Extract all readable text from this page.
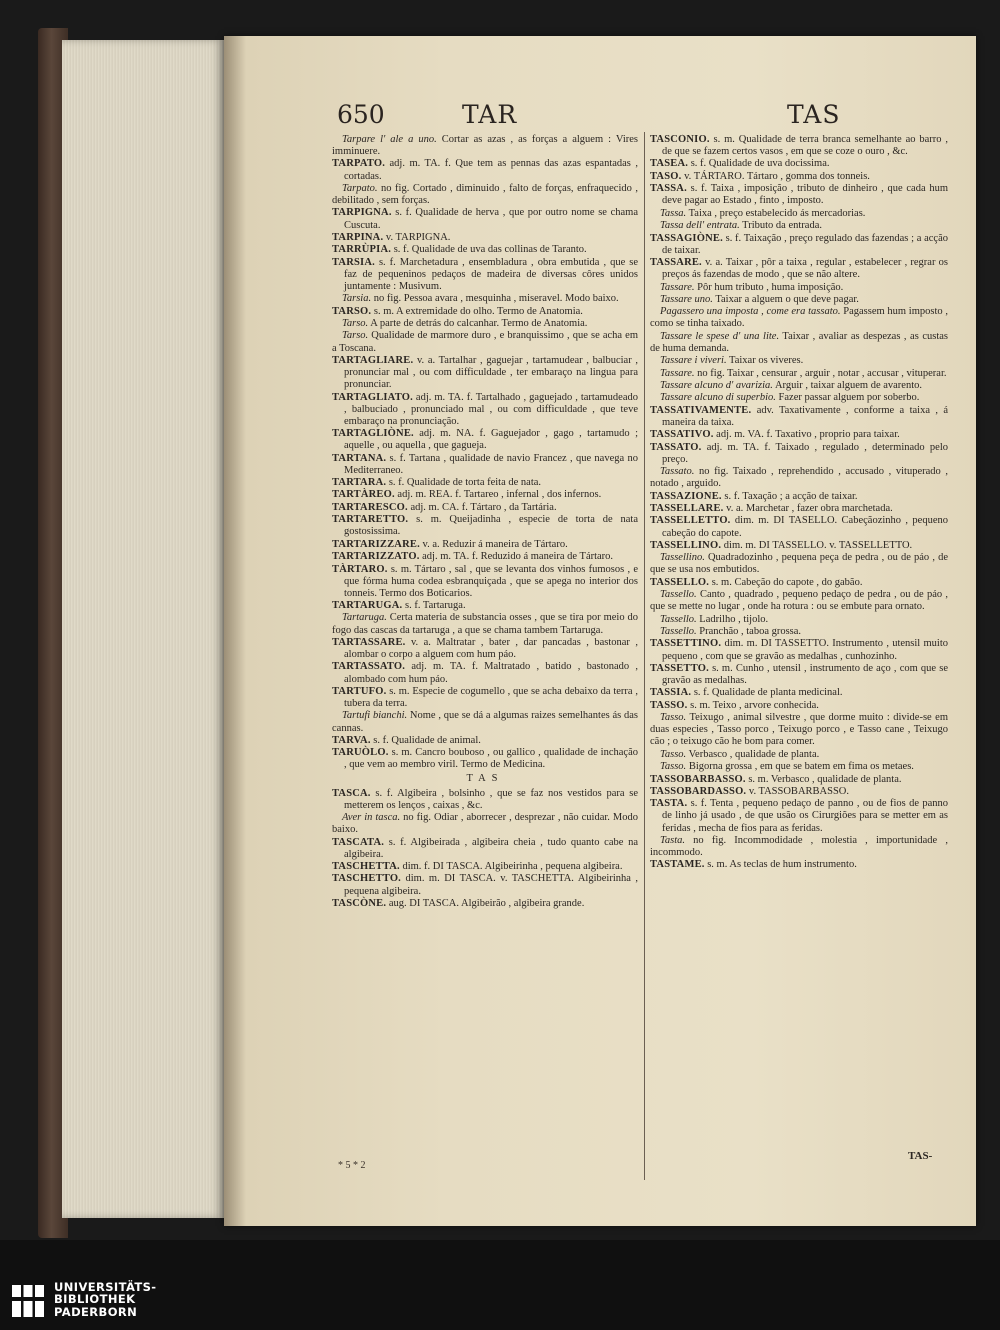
650	TAR	TAS
Tarpare l' ale a uno. Cortar as azas , as forças a alguem : Vires imminuere.
TARPATO. adj. m. TA. f. Que tem as pennas das azas espantadas , cortadas.
Tarpato. no fig. Cortado , diminuido , falto de forças, enfraquecido , debilitado , sem forças.
TARPIGNA. s. f. Qualidade de herva , que por outro nome se chama Cuscuta.
TARPINA. v. TARPIGNA.
TARRÙPIA. s. f. Qualidade de uva das collinas de Taranto.
TARSIA. s. f. Marchetadura , ensembladura , obra embutida , que se faz de pequeninos pedaços de madeira de diversas côres unidos juntamente : Musivum.
Tarsia. no fig. Pessoa avara , mesquinha , miseravel. Modo baixo.
TARSO. s. m. A extremidade do olho. Termo de Anatomia.
Tarso. A parte de detrás do calcanhar. Termo de Anatomia.
Tarso. Qualidade de marmore duro , e branquissimo , que se acha em a Toscana.
TARTAGLIARE. v. a. Tartalhar , gaguejar , tartamudear , balbuciar , pronunciar mal , ou com difficuldade , ter embaraço na lingua para pronunciar.
TARTAGLIATO. adj. m. TA. f. Tartalhado , gaguejado , tartamudeado , balbuciado , pronunciado mal , ou com difficuldade , que teve embaraço na pronunciação.
TARTAGLIÒNE. adj. m. NA. f. Gaguejador , gago , tartamudo ; aquelle , ou aquella , que gagueja.
TARTANA. s. f. Tartana , qualidade de navio Francez , que navega no Mediterraneo.
TARTARA. s. f. Qualidade de torta feita de nata.
TARTÀREO. adj. m. REA. f. Tartareo , infernal , dos infernos.
TARTARESCO. adj. m. CA. f. Tártaro , da Tartária.
TARTARETTO. s. m. Queijadinha , especie de torta de nata gostosissima.
TARTARIZZARE. v. a. Reduzir á maneira de Tártaro.
TARTARIZZATO. adj. m. TA. f. Reduzido á maneira de Tártaro.
TÀRTARO. s. m. Tártaro , sal , que se levanta dos vinhos fumosos , e que fórma huma codea esbranquiçada , que se apega no interior dos tonneis. Termo dos Boticarios.
TARTARUGA. s. f. Tartaruga.
Tartaruga. Certa materia de substancia osses , que se tira por meio do fogo das cascas da tartaruga , a que se chama tambem Tartaruga.
TARTASSARE. v. a. Maltratar , bater , dar pancadas , bastonar , alombar o corpo a alguem com hum páo.
TARTASSATO. adj. m. TA. f. Maltratado , batido , bastonado , alombado com hum páo.
TARTUFO. s. m. Especie de cogumello , que se acha debaixo da terra , tubera da terra.
Tartufi bianchi. Nome , que se dá a algumas raizes semelhantes ás das cannas.
TARVA. s. f. Qualidade de animal.
TARUÒLO. s. m. Cancro bouboso , ou gallico , qualidade de inchação , que vem ao membro viril. Termo de Medicina.
TAS
TASCA. s. f. Algibeira , bolsinho , que se faz nos vestidos para se metterem os lenços , caixas , &c.
Aver in tasca. no fig. Odiar , aborrecer , desprezar , não cuidar. Modo baixo.
TASCATA. s. f. Algibeirada , algibeira cheia , tudo quanto cabe na algibeira.
TASCHETTA. dim. f. DI TASCA. Algibeirinha , pequena algibeira.
TASCHETTO. dim. m. DI TASCA. v. TASCHETTA. Algibeirinha , pequena algibeira.
TASCÒNE. aug. DI TASCA. Algibeirão , algibeira grande.
TASCÒNIO. s. m. Qualidade de terra branca semelhante ao barro , de que se fazem certos vasos , em que se coze o ouro , &c.
TASEA. s. f. Qualidade de uva docissima.
TASO. v. TÁRTARO. Tártaro , gomma dos tonneis.
TASSA. s. f. Taixa , imposição , tributo de dinheiro , que cada hum deve pagar ao Estado , finto , imposto.
Tassa. Taixa , preço estabelecido ás mercadorias.
Tassa dell' entrata. Tributo da entrada.
TASSAGIÒNE. s. f. Taixação , preço regulado das fazendas ; a acção de taixar.
TASSARE. v. a. Taixar , pôr a taixa , regular , estabelecer , regrar os preços ás fazendas de modo , que se não altere.
Tassare. Pôr hum tributo , huma imposição.
Tassare uno. Taixar a alguem o que deve pagar.
Pagassero una imposta , come era tassato. Pagassem hum imposto , como se tinha taixado.
Tassare le spese d' una lite. Taixar , avaliar as despezas , as custas de huma demanda.
Tassare i viveri. Taixar os viveres.
Tassare. no fig. Taixar , censurar , arguir , notar , accusar , vituperar.
Tassare alcuno d' avarizia. Arguir , taixar alguem de avarento.
Tassare alcuno di superbio. Fazer passar alguem por soberbo.
TASSATIVAMENTE. adv. Taxativamente , conforme a taixa , á maneira da taixa.
TASSATIVO. adj. m. VA. f. Taxativo , proprio para taixar.
TASSATO. adj. m. TA. f. Taixado , regulado , determinado pelo preço.
Tassato. no fig. Taixado , reprehendido , accusado , vituperado , notado , arguido.
TASSAZIONE. s. f. Taxação ; a acção de taixar.
TASSELLARE. v. a. Marchetar , fazer obra marchetada.
TASSELLETTO. dim. m. DI TASELLO. Cabeçãozinho , pequeno cabeção do capote.
TASSELLINO. dim. m. DI TASSELLO. v. TASSELLETTO.
Tassellino. Quadradozinho , pequena peça de pedra , ou de páo , de que se usa nos embutidos.
TASSELLO. s. m. Cabeção do capote , do gabão.
Tassello. Canto , quadrado , pequeno pedaço de pedra , ou de páo , que se mette no lugar , onde ha rotura : ou se embute para ornato.
Tassello. Ladrilho , tijolo.
Tassello. Pranchão , taboa grossa.
TASSETTINO. dim. m. DI TASSETTO. Instrumento , utensil muito pequeno , com que se gravão as medalhas , cunhozinho.
TASSETTO. s. m. Cunho , utensil , instrumento de aço , com que se gravão as medalhas.
TASSIA. s. f. Qualidade de planta medicinal.
TASSO. s. m. Teixo , arvore conhecida.
Tasso. Teixugo , animal silvestre , que dorme muito : divide-se em duas especies , Tasso porco , Teixugo porco , e Tasso cane , Teixugo cão ; o teixugo cão he bom para comer.
Tasso. Verbasco , qualidade de planta.
Tasso. Bigorna grossa , em que se batem em fima os metaes.
TASSOBARBASSO. s. m. Verbasco , qualidade de planta.
TASSOBARDASSO. v. TASSOBARBASSO.
TASTA. s. f. Tenta , pequeno pedaço de panno , ou de fios de panno de linho já usado , de que usão os Cirurgiões para se metter em as feridas , mecha de fios para as feridas.
Tasta. no fig. Incommodidade , molestia , importunidade , incommodo.
TASTAME. s. m. As teclas de hum instrumento.
* 5 * 2
TAS-
UNIVERSITÄTS-
BIBLIOTHEK
PADERBORN
